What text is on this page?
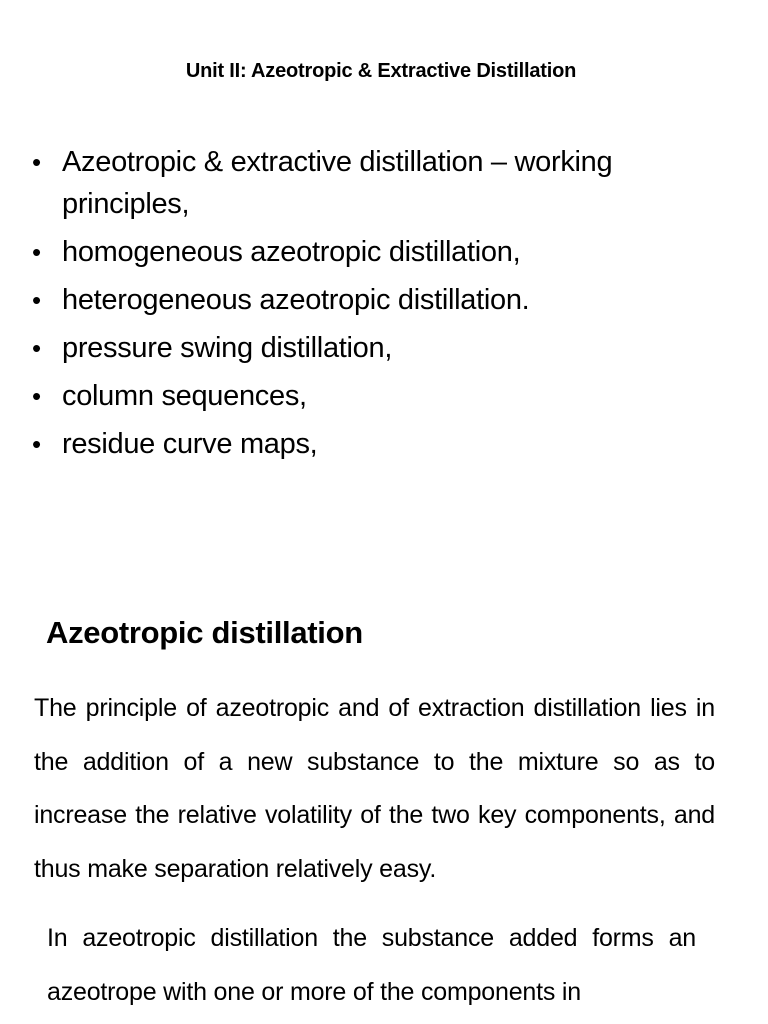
Unit II: Azeotropic & Extractive Distillation
• Azeotropic & extractive distillation – working principles,
• homogeneous azeotropic distillation,
• heterogeneous azeotropic distillation.
• pressure swing distillation,
• column sequences,
• residue curve maps,
Azeotropic distillation

The principle of azeotropic and of extraction distillation lies in the addition of a new substance to the mixture so as to increase the relative volatility of the two key components, and thus make separation relatively easy.

In azeotropic distillation the substance added forms an azeotrope with one or more of the components in
